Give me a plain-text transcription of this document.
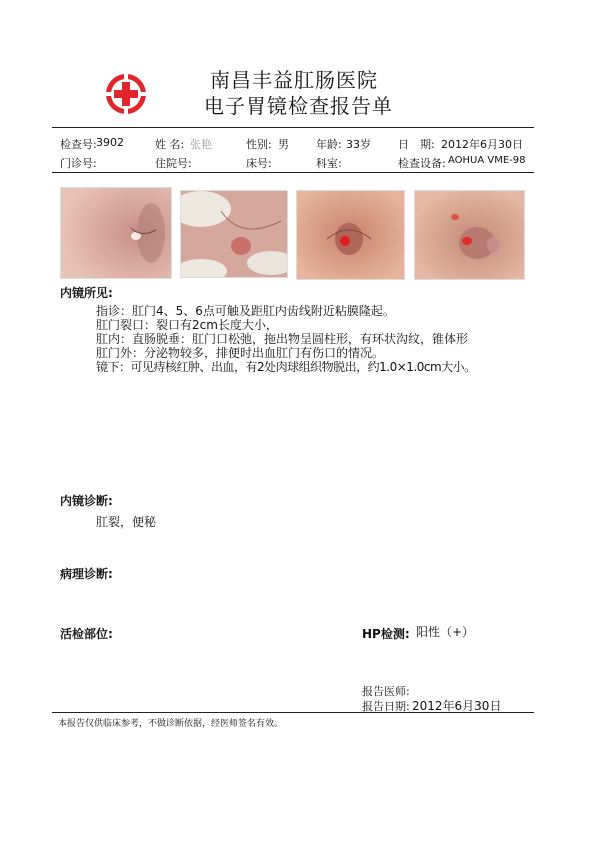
南昌丰益肛肠医院
电子胃镜检查报告单
检查号: 3902	姓 名: 张艳	性别: 男 年龄: 33岁 日　期: 2012年6月30日
门诊号:	住院号:	床号:	科室:	检查设备: AOHUA VME-98
内镜所见:
指诊：肛门4、5、6点可触及距肛内齿线附近粘膜隆起。
肛门裂口：裂口有2cm长度大小，
肛内：直肠脱垂：肛门口松弛，拖出物呈圆柱形，有环状沟纹，锥体形
肛门外：分泌物较多，排便时出血肛门有伤口的情况。
镜下：可见痔核红肿、出血，有2处肉球组织物脱出，约1.0×1.0cm大小。
内镜诊断:
肛裂，便秘
病理诊断:
活检部位:	HP检测: 阳性（+）
报告医师:
报告日期: 2012年6月30日
本报告仅供临床参考，不做诊断依据，经医师签名有效。
